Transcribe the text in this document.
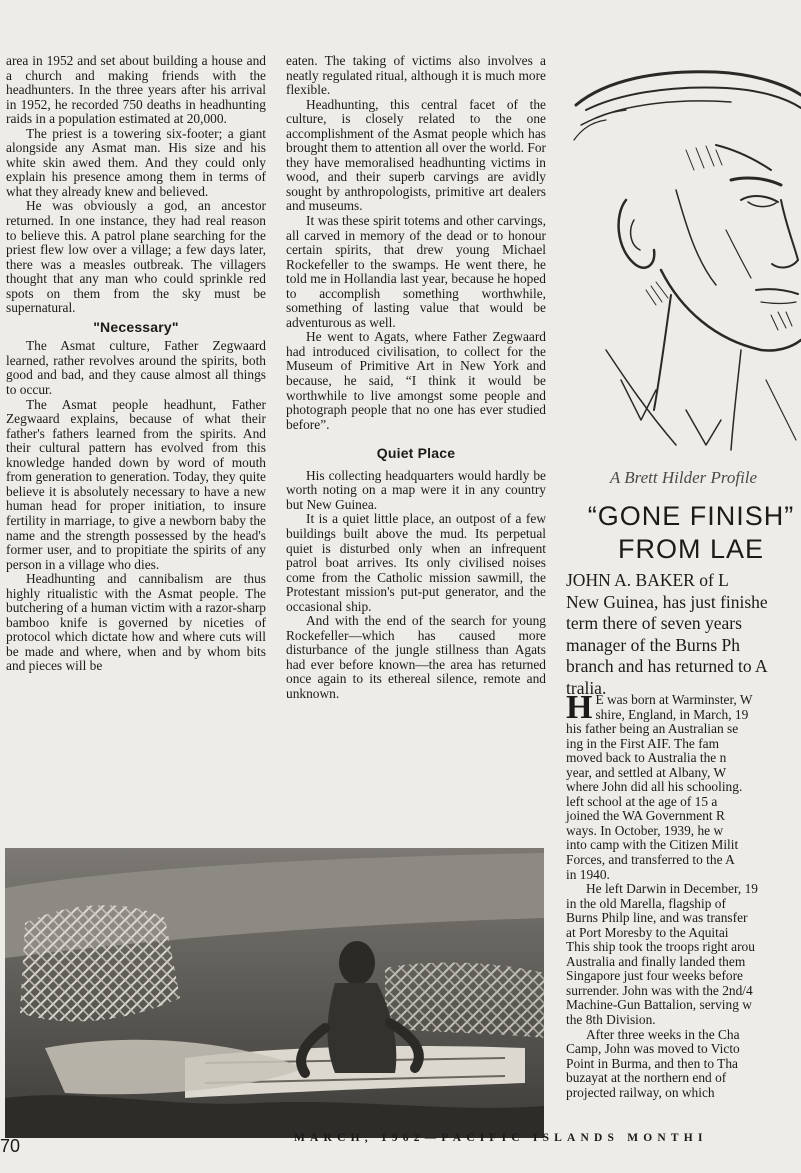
area in 1952 and set about building a house and a church and making friends with the headhunters. In the three years after his arrival in 1952, he recorded 750 deaths in headhunting raids in a population estimated at 20,000.

The priest is a towering six-footer; a giant alongside any Asmat man. His size and his white skin awed them. And they could only explain his presence among them in terms of what they already knew and believed.

He was obviously a god, an ancestor returned. In one instance, they had real reason to believe this. A patrol plane searching for the priest flew low over a village; a few days later, there was a measles outbreak. The villagers thought that any man who could sprinkle red spots on them from the sky must be supernatural.

"Necessary"

The Asmat culture, Father Zegwaard learned, rather revolves around the spirits, both good and bad, and they cause almost all things to occur.

The Asmat people headhunt, Father Zegwaard explains, because of what their father's fathers learned from the spirits. And their cultural pattern has evolved from this knowledge handed down by word of mouth from generation to generation. Today, they quite believe it is absolutely necessary to have a new human head for proper initiation, to insure fertility in marriage, to give a newborn baby the name and the strength possessed by the head's former user, and to propitiate the spirits of any person in a village who dies.

Headhunting and cannibalism are thus highly ritualistic with the Asmat people. The butchering of a human victim with a razor-sharp bamboo knife is governed by niceties of protocol which dictate how and where cuts will be made and where, when and by whom bits and pieces will be

eaten. The taking of victims also involves a neatly regulated ritual, although it is much more flexible.

Headhunting, this central facet of the culture, is closely related to the one accomplishment of the Asmat people which has brought them to attention all over the world. For they have memoralised headhunting victims in wood, and their superb carvings are avidly sought by anthropologists, primitive art dealers and museums.

It was these spirit totems and other carvings, all carved in memory of the dead or to honour certain spirits, that drew young Michael Rockefeller to the swamps. He went there, he told me in Hollandia last year, because he hoped to accomplish something worthwhile, something of lasting value that would be adventurous as well.

He went to Agats, where Father Zegwaard had introduced civilisation, to collect for the Museum of Primitive Art in New York and because, he said, “I think it would be worthwhile to live amongst some people and photograph people that no one has ever studied before”.

Quiet Place

His collecting headquarters would hardly be worth noting on a map were it in any country but New Guinea.

It is a quiet little place, an outpost of a few buildings built above the mud. Its perpetual quiet is disturbed only when an infrequent patrol boat arrives. Its only civilised noises come from the Catholic mission sawmill, the Protestant mission's put-put generator, and the occasional ship.

And with the end of the search for young Rockefeller—which has caused more disturbance of the jungle stillness than Agats had ever before known—the area has returned once again to its ethereal silence, remote and unknown.

A Brett Hilder Profile
“GONE FINISH”
FROM LAE
JOHN A. BAKER of L
New Guinea, has just finishe
term there of seven years
manager of the Burns Ph
branch and has returned to A
tralia.
H E was born at Warminster, W
shire, England, in March, 19
his father being an Australian se
ing in the First AIF. The fam
moved back to Australia the n
year, and settled at Albany, W
where John did all his schooling.
left school at the age of 15 a
joined the WA Government R
ways. In October, 1939, he w
into camp with the Citizen Milit
Forces, and transferred to the A
in 1940.
He left Darwin in December, 19
in the old Marella, flagship of
Burns Philp line, and was transfer
at Port Moresby to the Aquitai
This ship took the troops right arou
Australia and finally landed them
Singapore just four weeks before
surrender. John was with the 2nd/4
Machine-Gun Battalion, serving w
the 8th Division.
After three weeks in the Cha
Camp, John was moved to Victo
Point in Burma, and then to Tha
buzayat at the northern end of
projected railway, on which
70	MARCH, 1962—PACIFIC ISLANDS MONTHI
